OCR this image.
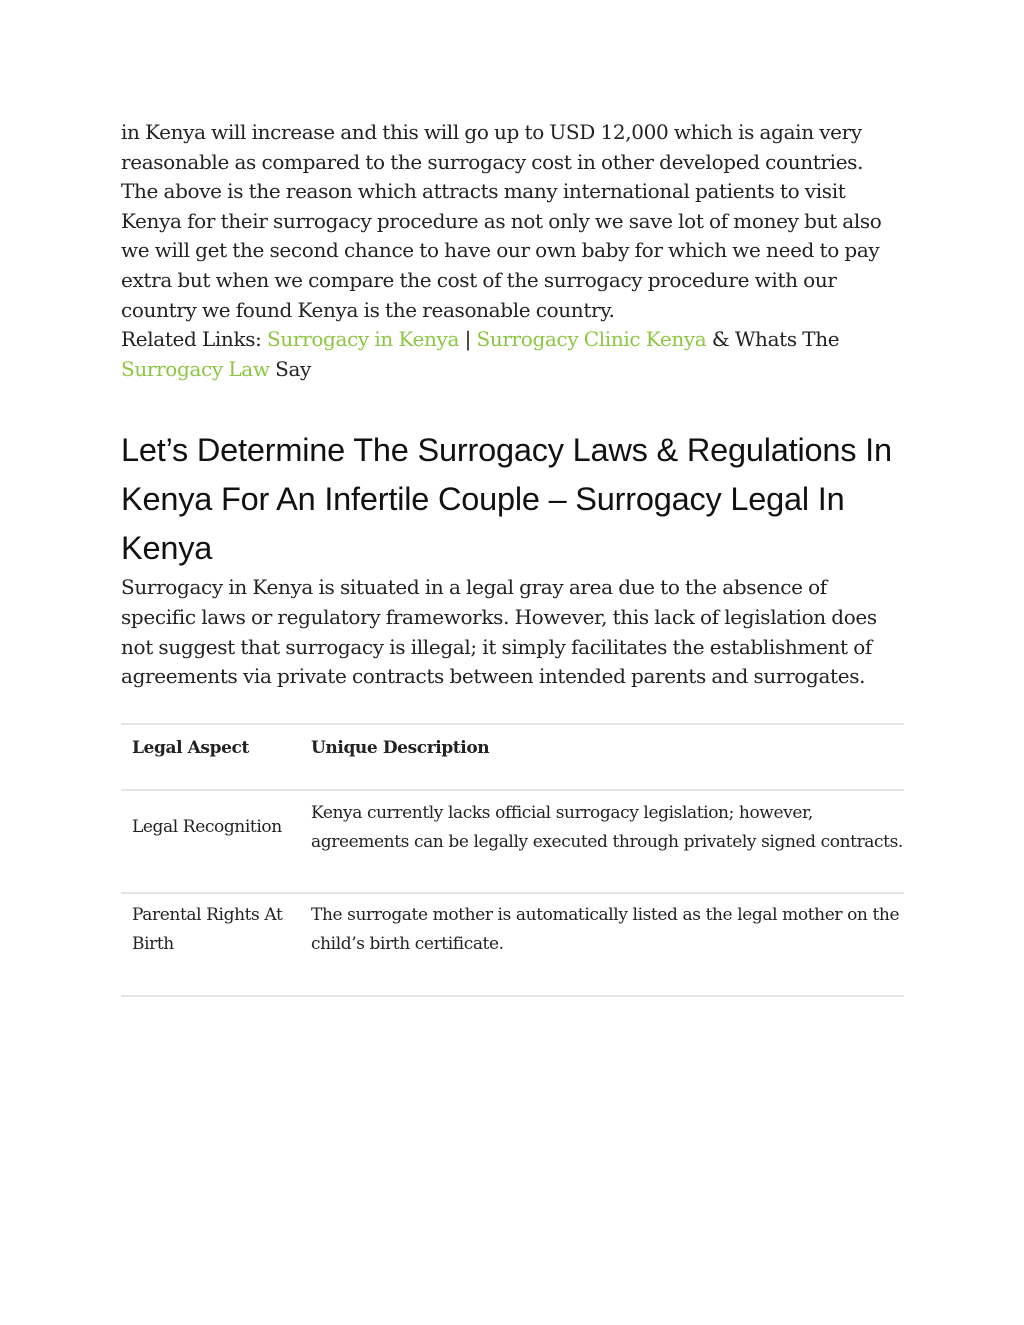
in Kenya will increase and this will go up to USD 12,000 which is again very reasonable as compared to the surrogacy cost in other developed countries.

The above is the reason which attracts many international patients to visit Kenya for their surrogacy procedure as not only we save lot of money but also we will get the second chance to have our own baby for which we need to pay extra but when we compare the cost of the surrogacy procedure with our country we found Kenya is the reasonable country.

Related Links: Surrogacy in Kenya | Surrogacy Clinic Kenya & Whats The Surrogacy Law Say

Let’s Determine The Surrogacy Laws & Regulations In Kenya For An Infertile Couple – Surrogacy Legal In Kenya

Surrogacy in Kenya is situated in a legal gray area due to the absence of specific laws or regulatory frameworks. However, this lack of legislation does not suggest that surrogacy is illegal; it simply facilitates the establishment of agreements via private contracts between intended parents and surrogates.

Legal Aspect	Unique Description
Legal Recognition	Kenya currently lacks official surrogacy legislation; however, agreements can be legally executed through privately signed contracts.
Parental Rights At Birth	The surrogate mother is automatically listed as the legal mother on the child’s birth certificate.
